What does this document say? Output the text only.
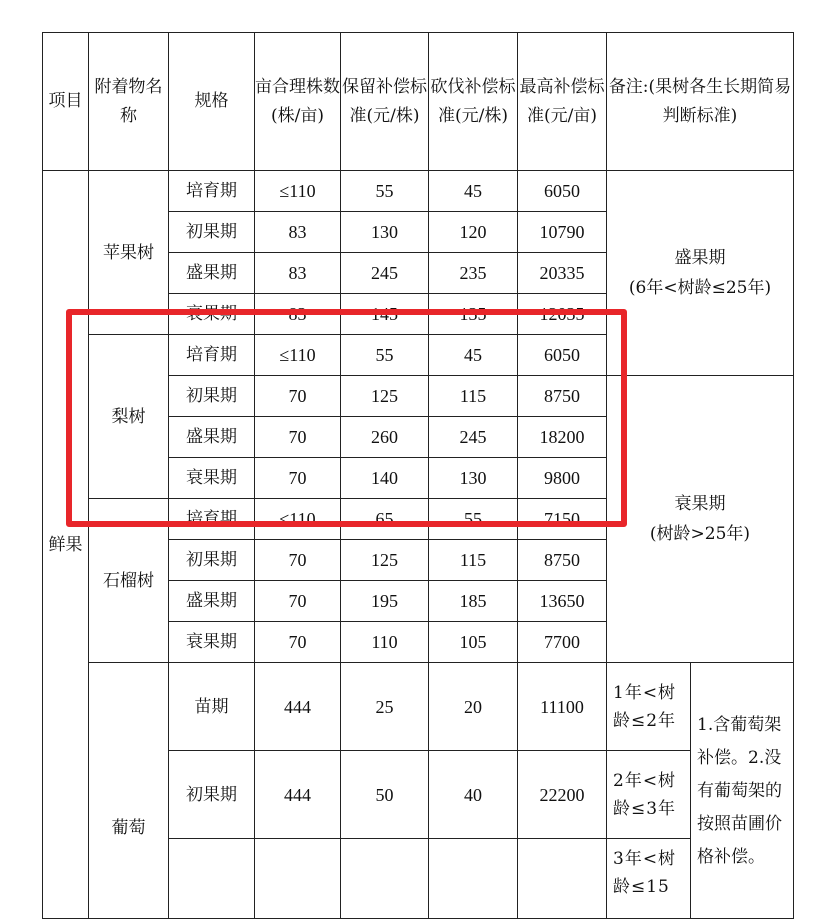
项目	附着物名称	规格	亩合理株数(株/亩)	保留补偿标准(元/株)	砍伐补偿标准(元/株)	最高补偿标准(元/亩)	备注:(果树各生长期简易判断标准)	
鲜果	苹果树	培育期	≤110	55	45	6050	盛果期
(6年<树龄≤25年)	

		初果期	83	130	120	10790		
		盛果期	83	245	235	20335		
		衰果期	83	145	135	12035		
	梨树	培育期	≤110	55	45	6050		
		初果期	70	125	115	8750	衰果期
(树龄>25年)	

		盛果期	70	260	245	18200		
		衰果期	70	140	130	9800		
	石榴树	培育期	≤110	65	55	7150		
		初果期	70	125	115	8750		
		盛果期	70	195	185	13650		
		衰果期	70	110	105	7700		
	葡萄	苗期	444	25	20	11100	1年<树龄≤2年	1.含葡萄架补偿。2.没有葡萄架的按照苗圃价格补偿。
		初果期	444	50	40	22200	2年<树龄≤3年	
							3年<树龄≤15	
